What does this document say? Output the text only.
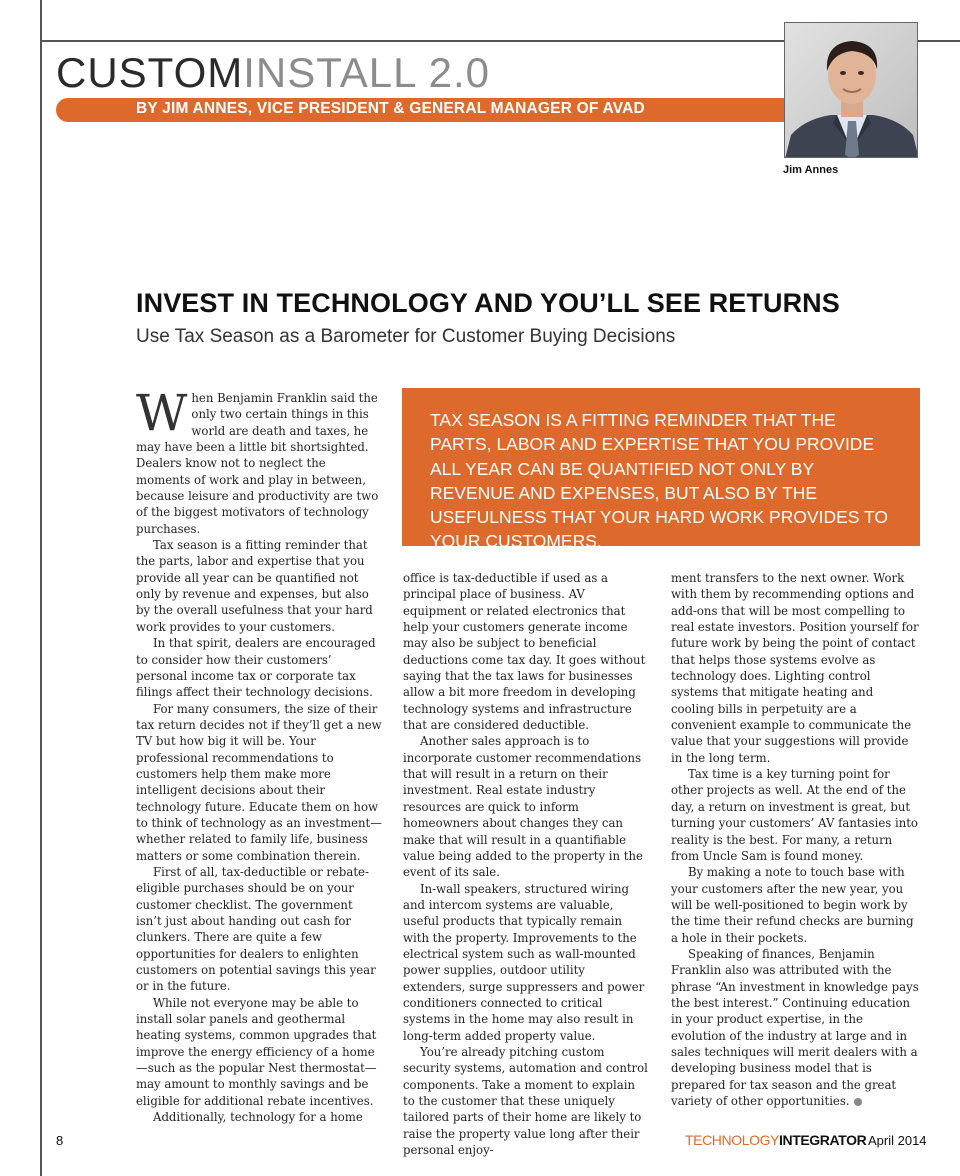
CUSTOMINSTALL 2.0
BY JIM ANNES, VICE PRESIDENT & GENERAL MANAGER OF AVAD
Jim Annes
INVEST IN TECHNOLOGY AND YOU’LL SEE RETURNS
Use Tax Season as a Barometer for Customer Buying Decisions

TAX SEASON IS A FITTING REMINDER THAT THE PARTS, LABOR AND EXPERTISE THAT YOU PROVIDE ALL YEAR CAN BE QUANTIFIED NOT ONLY BY REVENUE AND EXPENSES, BUT ALSO BY THE USEFULNESS THAT YOUR HARD WORK PROVIDES TO YOUR CUSTOMERS.

When Benjamin Franklin said the only two certain things in this world are death and taxes, he may have been a little bit shortsighted. Dealers know not to neglect the moments of work and play in between, because leisure and productivity are two of the biggest motivators of technology purchases.

Tax season is a fitting reminder that the parts, labor and expertise that you provide all year can be quantified not only by revenue and expenses, but also by the overall usefulness that your hard work provides to your customers.

In that spirit, dealers are encouraged to consider how their customers’ personal income tax or corporate tax filings affect their technology decisions.

For many consumers, the size of their tax return decides not if they’ll get a new TV but how big it will be. Your professional recommendations to customers help them make more intelligent decisions about their technology future. Educate them on how to think of technology as an investment—whether related to family life, business matters or some combination therein.

First of all, tax-deductible or rebate-eligible purchases should be on your customer checklist. The government isn’t just about handing out cash for clunkers. There are quite a few opportunities for dealers to enlighten customers on potential savings this year or in the future.

While not everyone may be able to install solar panels and geothermal heating systems, common upgrades that improve the energy efficiency of a home—such as the popular Nest thermostat—may amount to monthly savings and be eligible for additional rebate incentives.

Additionally, technology for a home

office is tax-deductible if used as a principal place of business. AV equipment or related electronics that help your customers generate income may also be subject to beneficial deductions come tax day. It goes without saying that the tax laws for businesses allow a bit more freedom in developing technology systems and infrastructure that are considered deductible.

Another sales approach is to incorporate customer recommendations that will result in a return on their investment. Real estate industry resources are quick to inform homeowners about changes they can make that will result in a quantifiable value being added to the property in the event of its sale.

In-wall speakers, structured wiring and intercom systems are valuable, useful products that typically remain with the property. Improvements to the electrical system such as wall-mounted power supplies, outdoor utility extenders, surge suppressers and power conditioners connected to critical systems in the home may also result in long-term added property value.

You’re already pitching custom security systems, automation and control components. Take a moment to explain to the customer that these uniquely tailored parts of their home are likely to raise the property value long after their personal enjoy-

ment transfers to the next owner. Work with them by recommending options and add-ons that will be most compelling to real estate investors. Position yourself for future work by being the point of contact that helps those systems evolve as technology does. Lighting control systems that mitigate heating and cooling bills in perpetuity are a convenient example to communicate the value that your suggestions will provide in the long term.

Tax time is a key turning point for other projects as well. At the end of the day, a return on investment is great, but turning your customers’ AV fantasies into reality is the best. For many, a return from Uncle Sam is found money.

By making a note to touch base with your customers after the new year, you will be well-positioned to begin work by the time their refund checks are burning a hole in their pockets.

Speaking of finances, Benjamin Franklin also was attributed with the phrase “An investment in knowledge pays the best interest.” Continuing education in your product expertise, in the evolution of the industry at large and in sales techniques will merit dealers with a developing business model that is prepared for tax season and the great variety of other opportunities.

8	TECHNOLOGYINTEGRATOR April 2014
